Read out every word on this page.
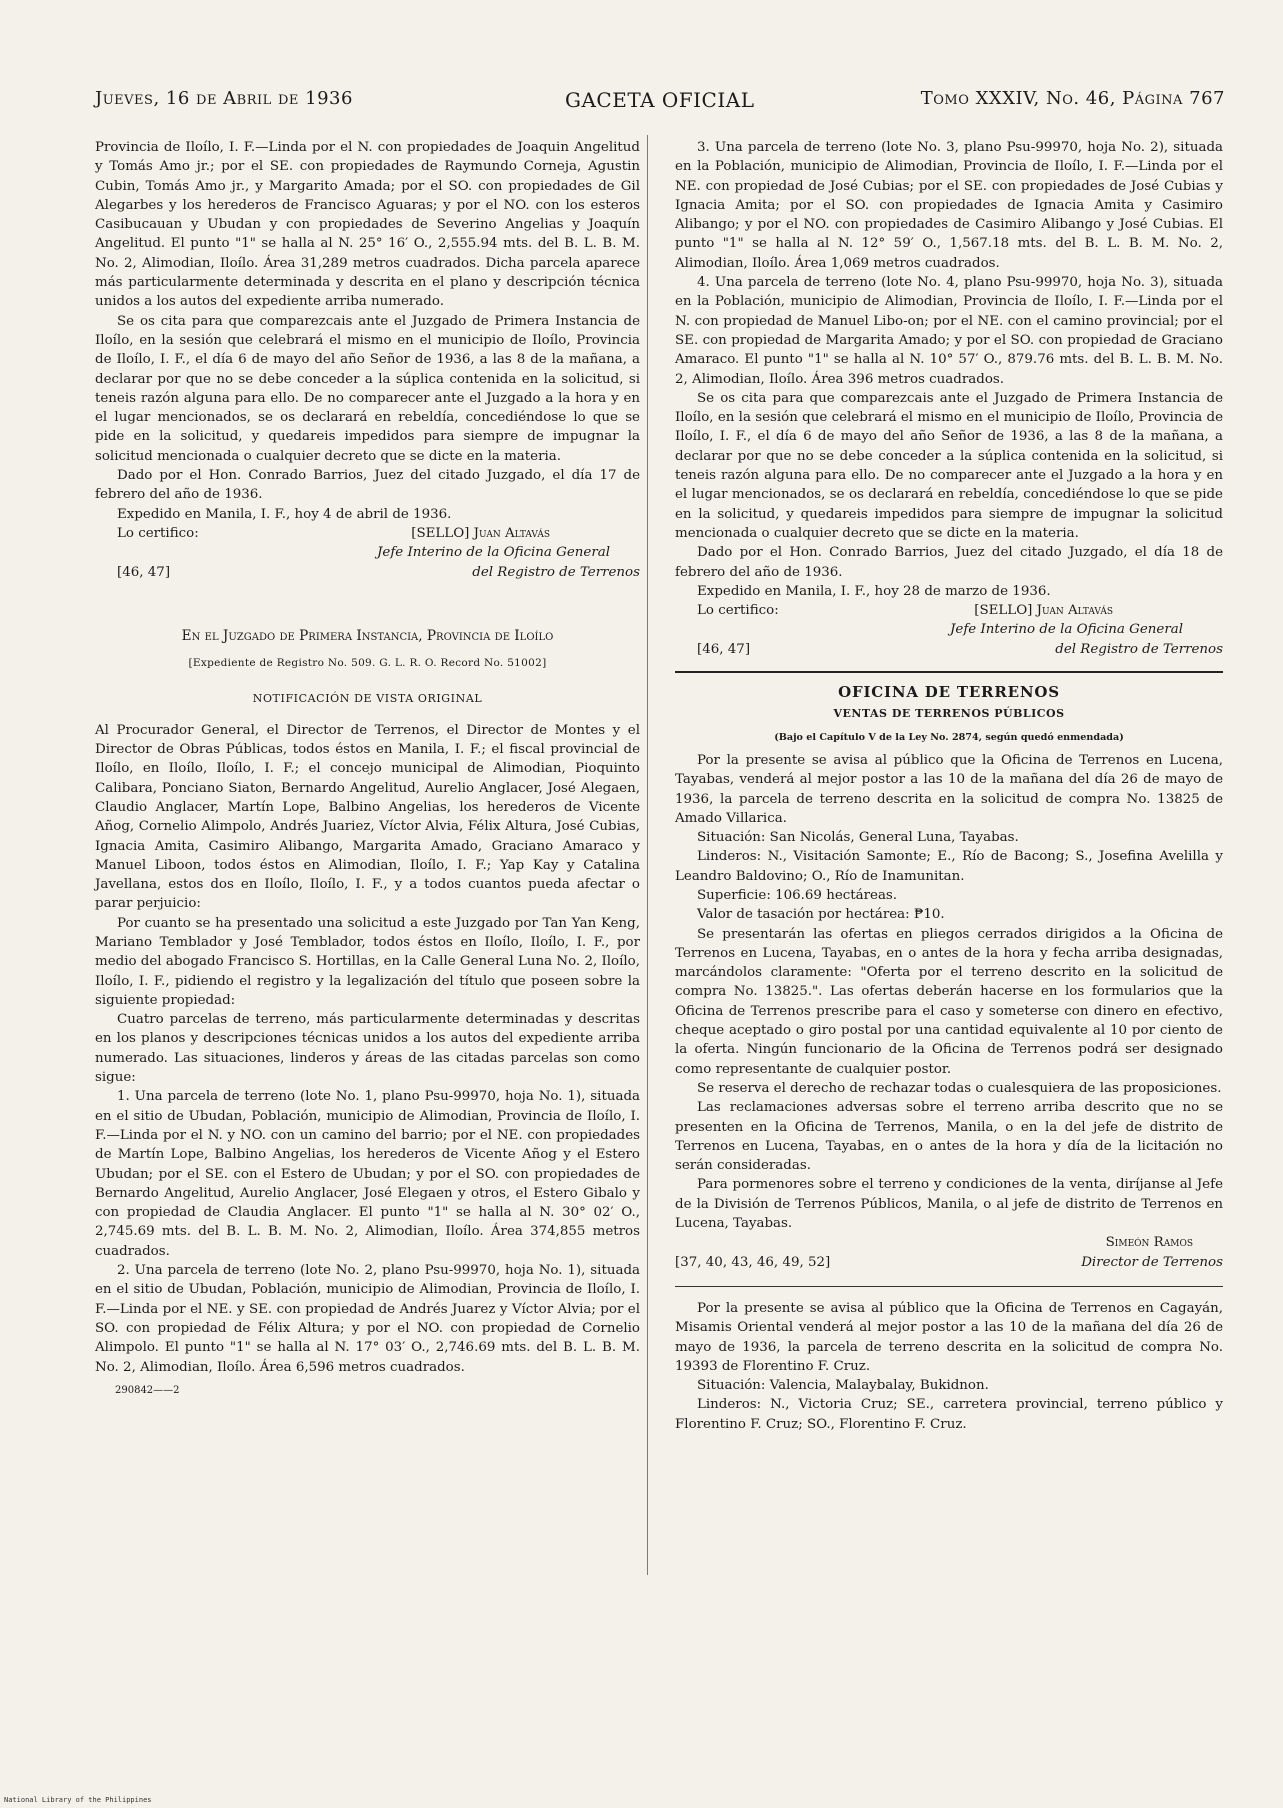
Jueves, 16 de Abril de 1936	GACETA OFICIAL	Tomo XXXIV, No. 46, Página 767

Provincia de Iloílo, I. F.—Linda por el N. con propiedades de Joaquin Angelitud y Tomás Amo jr.; por el SE. con propiedades de Raymundo Corneja, Agustin Cubin, Tomás Amo jr., y Margarito Amada; por el SO. con propiedades de Gil Alegarbes y los herederos de Francisco Aguaras; y por el NO. con los esteros Casibucauan y Ubudan y con propiedades de Severino Angelias y Joaquín Angelitud. El punto "1" se halla al N. 25° 16′ O., 2,555.94 mts. del B. L. B. M. No. 2, Alimodian, Iloílo. Área 31,289 metros cuadrados. Dicha parcela aparece más particularmente determinada y descrita en el plano y descripción técnica unidos a los autos del expediente arriba numerado.

Se os cita para que comparezcais ante el Juzgado de Primera Instancia de Iloílo, en la sesión que celebrará el mismo en el municipio de Iloílo, Provincia de Iloílo, I. F., el día 6 de mayo del año Señor de 1936, a las 8 de la mañana, a declarar por que no se debe conceder a la súplica contenida en la solicitud, si teneis razón alguna para ello. De no comparecer ante el Juzgado a la hora y en el lugar mencionados, se os declarará en rebeldía, concediéndose lo que se pide en la solicitud, y quedareis impedidos para siempre de impugnar la solicitud mencionada o cualquier decreto que se dicte en la materia.

Dado por el Hon. Conrado Barrios, Juez del citado Juzgado, el día 17 de febrero del año de 1936.

Expedido en Manila, I. F., hoy 4 de abril de 1936.

Lo certifico:	[SELLO] Juan Altavás
Jefe Interino de la Oficina General
[46, 47]	del Registro de Terrenos
En el Juzgado de Primera Instancia, Provincia de Iloílo
[Expediente de Registro No. 509. G. L. R. O. Record No. 51002]
NOTIFICACIÓN DE VISTA ORIGINAL

Al Procurador General, el Director de Terrenos, el Director de Montes y el Director de Obras Públicas, todos éstos en Manila, I. F.; el fiscal provincial de Iloílo, en Iloílo, Iloílo, I. F.; el concejo municipal de Alimodian, Pioquinto Calibara, Ponciano Siaton, Bernardo Angelitud, Aurelio Anglacer, José Alegaen, Claudio Anglacer, Martín Lope, Balbino Angelias, los herederos de Vicente Añog, Cornelio Alimpolo, Andrés Juariez, Víctor Alvia, Félix Altura, José Cubias, Ignacia Amita, Casimiro Alibango, Margarita Amado, Graciano Amaraco y Manuel Liboon, todos éstos en Alimodian, Iloílo, I. F.; Yap Kay y Catalina Javellana, estos dos en Iloílo, Iloílo, I. F., y a todos cuantos pueda afectar o parar perjuicio:

Por cuanto se ha presentado una solicitud a este Juzgado por Tan Yan Keng, Mariano Temblador y José Temblador, todos éstos en Iloílo, Iloílo, I. F., por medio del abogado Francisco S. Hortillas, en la Calle General Luna No. 2, Iloílo, Iloílo, I. F., pidiendo el registro y la legalización del título que poseen sobre la siguiente propiedad:

Cuatro parcelas de terreno, más particularmente determinadas y descritas en los planos y descripciones técnicas unidos a los autos del expediente arriba numerado. Las situaciones, linderos y áreas de las citadas parcelas son como sigue:

1. Una parcela de terreno (lote No. 1, plano Psu-99970, hoja No. 1), situada en el sitio de Ubudan, Población, municipio de Alimodian, Provincia de Iloílo, I. F.—Linda por el N. y NO. con un camino del barrio; por el NE. con propiedades de Martín Lope, Balbino Angelias, los herederos de Vicente Añog y el Estero Ubudan; por el SE. con el Estero de Ubudan; y por el SO. con propiedades de Bernardo Angelitud, Aurelio Anglacer, José Elegaen y otros, el Estero Gibalo y con propiedad de Claudia Anglacer. El punto "1" se halla al N. 30° 02′ O., 2,745.69 mts. del B. L. B. M. No. 2, Alimodian, Iloílo. Área 374,855 metros cuadrados.

2. Una parcela de terreno (lote No. 2, plano Psu-99970, hoja No. 1), situada en el sitio de Ubudan, Población, municipio de Alimodian, Provincia de Iloílo, I. F.—Linda por el NE. y SE. con propiedad de Andrés Juarez y Víctor Alvia; por el SO. con propiedad de Félix Altura; y por el NO. con propiedad de Cornelio Alimpolo. El punto "1" se halla al N. 17° 03′ O., 2,746.69 mts. del B. L. B. M. No. 2, Alimodian, Iloílo. Área 6,596 metros cuadrados.

290842——2

3. Una parcela de terreno (lote No. 3, plano Psu-99970, hoja No. 2), situada en la Población, municipio de Alimodian, Provincia de Iloílo, I. F.—Linda por el NE. con propiedad de José Cubias; por el SE. con propiedades de José Cubias y Ignacia Amita; por el SO. con propiedades de Ignacia Amita y Casimiro Alibango; y por el NO. con propiedades de Casimiro Alibango y José Cubias. El punto "1" se halla al N. 12° 59′ O., 1,567.18 mts. del B. L. B. M. No. 2, Alimodian, Iloílo. Área 1,069 metros cuadrados.

4. Una parcela de terreno (lote No. 4, plano Psu-99970, hoja No. 3), situada en la Población, municipio de Alimodian, Provincia de Iloílo, I. F.—Linda por el N. con propiedad de Manuel Libo-on; por el NE. con el camino provincial; por el SE. con propiedad de Margarita Amado; y por el SO. con propiedad de Graciano Amaraco. El punto "1" se halla al N. 10° 57′ O., 879.76 mts. del B. L. B. M. No. 2, Alimodian, Iloílo. Área 396 metros cuadrados.

Se os cita para que comparezcais ante el Juzgado de Primera Instancia de Iloílo, en la sesión que celebrará el mismo en el municipio de Iloílo, Provincia de Iloílo, I. F., el día 6 de mayo del año Señor de 1936, a las 8 de la mañana, a declarar por que no se debe conceder a la súplica contenida en la solicitud, si teneis razón alguna para ello. De no comparecer ante el Juzgado a la hora y en el lugar mencionados, se os declarará en rebeldía, concediéndose lo que se pide en la solicitud, y quedareis impedidos para siempre de impugnar la solicitud mencionada o cualquier decreto que se dicte en la materia.

Dado por el Hon. Conrado Barrios, Juez del citado Juzgado, el día 18 de febrero del año de 1936.

Expedido en Manila, I. F., hoy 28 de marzo de 1936.

Lo certifico:	[SELLO] Juan Altavás
Jefe Interino de la Oficina General
[46, 47]	del Registro de Terrenos
OFICINA DE TERRENOS
VENTAS DE TERRENOS PÚBLICOS
(Bajo el Capítulo V de la Ley No. 2874, según quedó enmendada)

Por la presente se avisa al público que la Oficina de Terrenos en Lucena, Tayabas, venderá al mejor postor a las 10 de la mañana del día 26 de mayo de 1936, la parcela de terreno descrita en la solicitud de compra No. 13825 de Amado Villarica.

Situación: San Nicolás, General Luna, Tayabas.

Linderos: N., Visitación Samonte; E., Río de Bacong; S., Josefina Avelilla y Leandro Baldovino; O., Río de Inamunitan.

Superficie: 106.69 hectáreas.

Valor de tasación por hectárea: ₱10.

Se presentarán las ofertas en pliegos cerrados dirigidos a la Oficina de Terrenos en Lucena, Tayabas, en o antes de la hora y fecha arriba designadas, marcándolos claramente: "Oferta por el terreno descrito en la solicitud de compra No. 13825.". Las ofertas deberán hacerse en los formularios que la Oficina de Terrenos prescribe para el caso y someterse con dinero en efectivo, cheque aceptado o giro postal por una cantidad equivalente al 10 por ciento de la oferta. Ningún funcionario de la Oficina de Terrenos podrá ser designado como representante de cualquier postor.

Se reserva el derecho de rechazar todas o cualesquiera de las proposiciones.

Las reclamaciones adversas sobre el terreno arriba descrito que no se presenten en la Oficina de Terrenos, Manila, o en la del jefe de distrito de Terrenos en Lucena, Tayabas, en o antes de la hora y día de la licitación no serán consideradas.

Para pormenores sobre el terreno y condiciones de la venta, diríjanse al Jefe de la División de Terrenos Públicos, Manila, o al jefe de distrito de Terrenos en Lucena, Tayabas.

Simeón Ramos
[37, 40, 43, 46, 49, 52]	Director de Terrenos

Por la presente se avisa al público que la Oficina de Terrenos en Cagayán, Misamis Oriental venderá al mejor postor a las 10 de la mañana del día 26 de mayo de 1936, la parcela de terreno descrita en la solicitud de compra No. 19393 de Florentino F. Cruz.

Situación: Valencia, Malaybalay, Bukidnon.

Linderos: N., Victoria Cruz; SE., carretera provincial, terreno público y Florentino F. Cruz; SO., Florentino F. Cruz.

National Library of the Philippines
